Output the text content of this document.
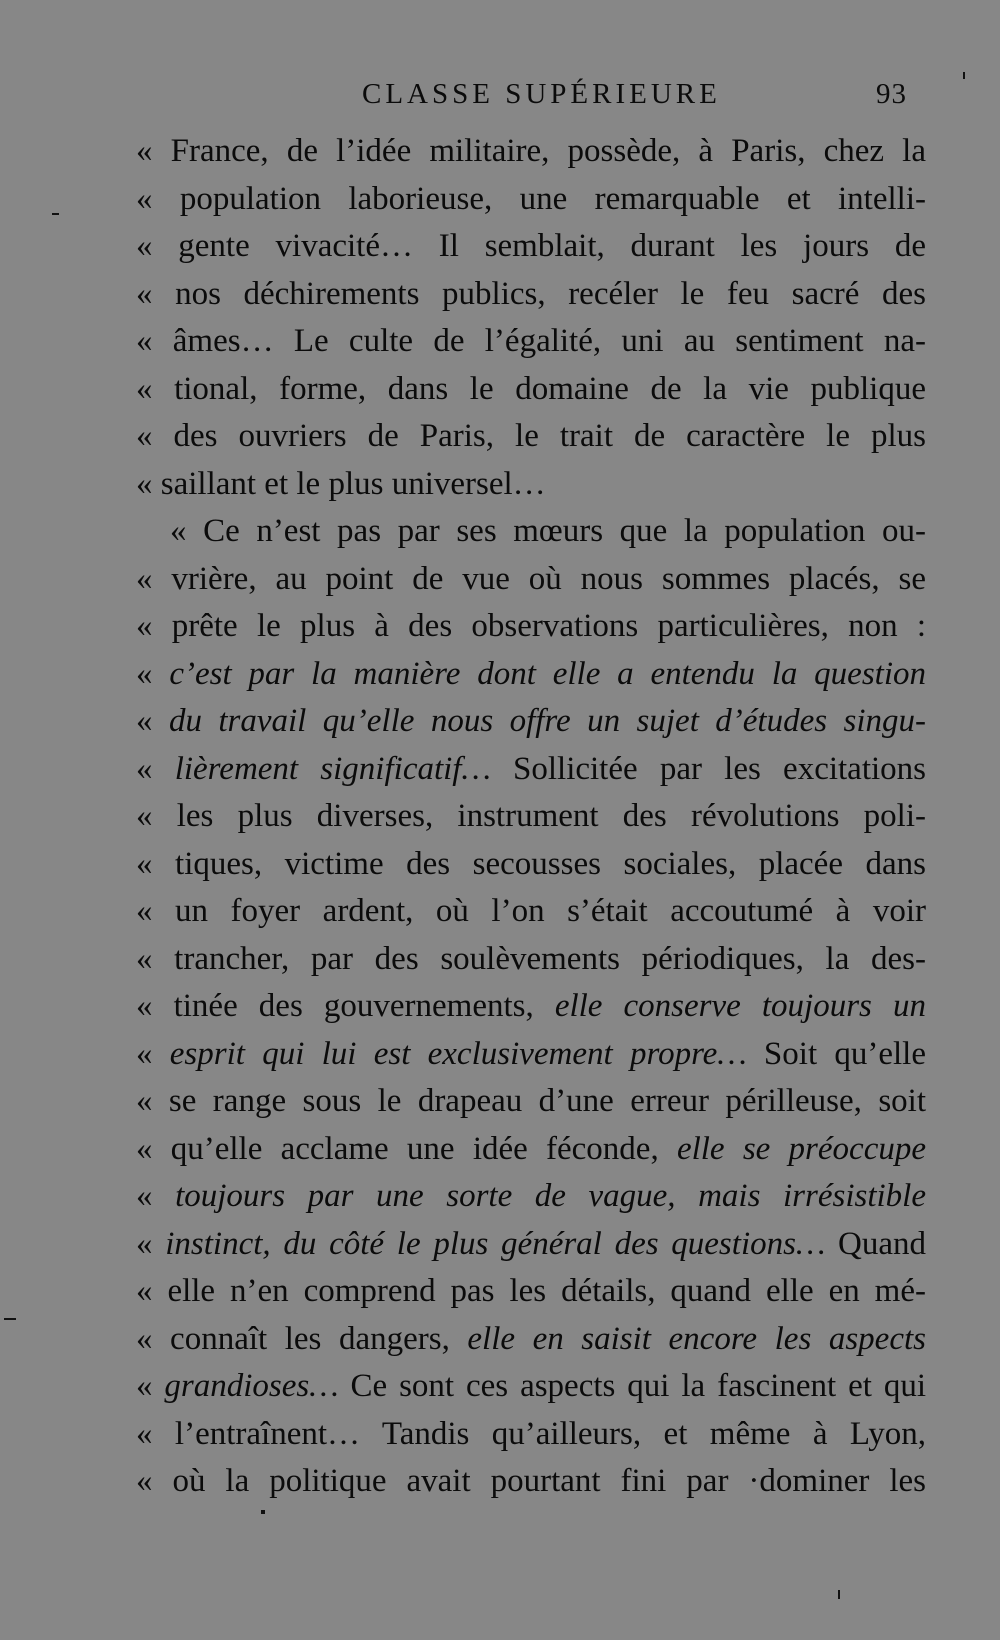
CLASSE SUPÉRIEURE	93
« France, de l’idée militaire, possède, à Paris, chez la
« population laborieuse, une remarquable et intelli-
« gente vivacité… Il semblait, durant les jours de
« nos déchirements publics, recéler le feu sacré des
« âmes… Le culte de l’égalité, uni au sentiment na-
« tional, forme, dans le domaine de la vie publique
« des ouvriers de Paris, le trait de caractère le plus
« saillant et le plus universel…
« Ce n’est pas par ses mœurs que la population ou-
« vrière, au point de vue où nous sommes placés, se
« prête le plus à des observations particulières, non :
« c’est par la manière dont elle a entendu la question
« du travail qu’elle nous offre un sujet d’études singu-
« lièrement significatif… Sollicitée par les excitations
« les plus diverses, instrument des révolutions poli-
« tiques, victime des secousses sociales, placée dans
« un foyer ardent, où l’on s’était accoutumé à voir
« trancher, par des soulèvements périodiques, la des-
« tinée des gouvernements, elle conserve toujours un
« esprit qui lui est exclusivement propre… Soit qu’elle
« se range sous le drapeau d’une erreur périlleuse, soit
« qu’elle acclame une idée féconde, elle se préoccupe
« toujours par une sorte de vague, mais irrésistible
« instinct, du côté le plus général des questions… Quand
« elle n’en comprend pas les détails, quand elle en mé-
« connaît les dangers, elle en saisit encore les aspects
« grandioses… Ce sont ces aspects qui la fascinent et qui
« l’entraînent… Tandis qu’ailleurs, et même à Lyon,
« où la politique avait pourtant fini par ·dominer les
